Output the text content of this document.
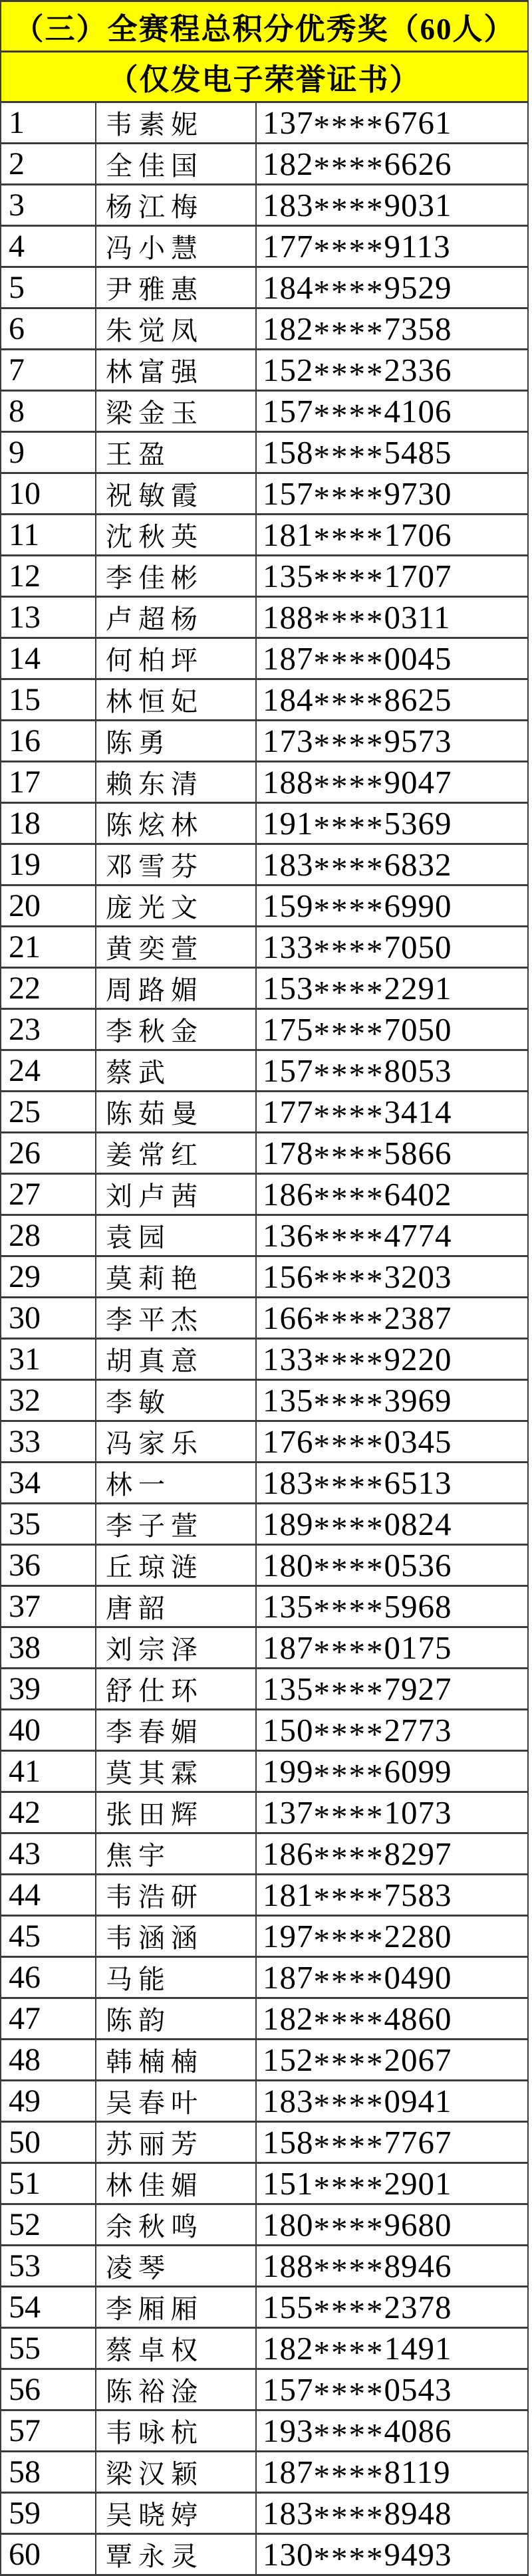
（三）全赛程总积分优秀奖（60人）		
（仅发电子荣誉证书）		
1	韦素妮	137****6761
2	全佳国	182****6626
3	杨江梅	183****9031
4	冯小慧	177****9113
5	尹雅惠	184****9529
6	朱觉凤	182****7358
7	林富强	152****2336
8	梁金玉	157****4106
9	王盈	158****5485
10	祝敏霞	157****9730
11	沈秋英	181****1706
12	李佳彬	135****1707
13	卢超杨	188****0311
14	何柏坪	187****0045
15	林恒妃	184****8625
16	陈勇	173****9573
17	赖东清	188****9047
18	陈炫林	191****5369
19	邓雪芬	183****6832
20	庞光文	159****6990
21	黄奕萱	133****7050
22	周路媚	153****2291
23	李秋金	175****7050
24	蔡武	157****8053
25	陈茹曼	177****3414
26	姜常红	178****5866
27	刘卢茜	186****6402
28	袁园	136****4774
29	莫莉艳	156****3203
30	李平杰	166****2387
31	胡真意	133****9220
32	李敏	135****3969
33	冯家乐	176****0345
34	林一	183****6513
35	李子萱	189****0824
36	丘琼涟	180****0536
37	唐韶	135****5968
38	刘宗泽	187****0175
39	舒仕环	135****7927
40	李春媚	150****2773
41	莫其霖	199****6099
42	张田辉	137****1073
43	焦宇	186****8297
44	韦浩研	181****7583
45	韦涵涵	197****2280
46	马能	187****0490
47	陈韵	182****4860
48	韩楠楠	152****2067
49	吴春叶	183****0941
50	苏丽芳	158****7767
51	林佳媚	151****2901
52	余秋鸣	180****9680
53	凌琴	188****8946
54	李厢厢	155****2378
55	蔡卓权	182****1491
56	陈裕淦	157****0543
57	韦咏杭	193****4086
58	梁汉颖	187****8119
59	吴晓婷	183****8948
60	覃永灵	130****9493
